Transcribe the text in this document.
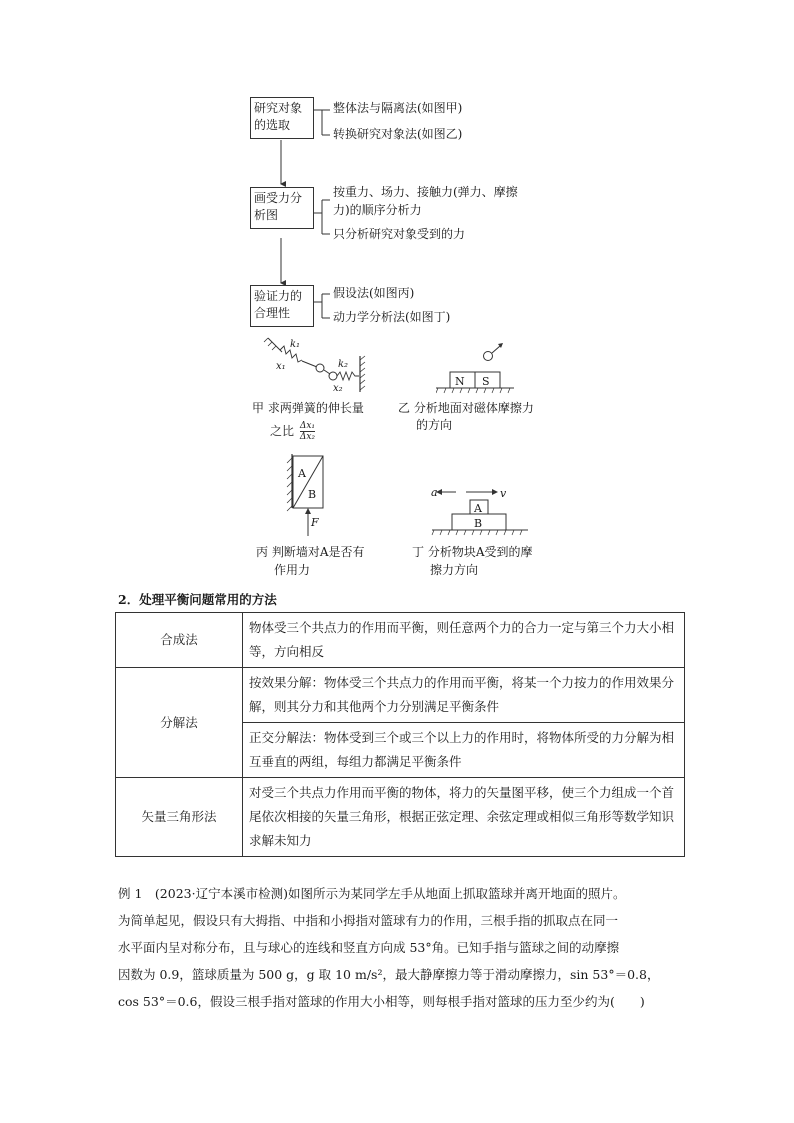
研究对象
的选取
整体法与隔离法(如图甲)
画受力分
析图
按重力、场力、接触力(弹力、摩擦
力)的顺序分析力
验证力的
合理性
假设法(如图丙)
动力学分析法(如图丁)
转换研究对象法(如图乙)
只分析研究对象受到的力
k₁
x₁	k₂
x₂
甲 求两弹簧的伸长量
之比 $\frac{\text{Δx₁}}{\text{Δx₂}}$
N S
乙 分析地面对磁体摩擦力
的方向
A
B
F
丙 判断墙对A是否有
作用力
a	v
A
B
丁 分析物块A受到的摩
擦力方向
2．处理平衡问题常用的方法
合成法	物体受三个共点力的作用而平衡，则任意两个力的合力一定与第三个力大小相等，方向相反
分解法	按效果分解：物体受三个共点力的作用而平衡，将某一个力按力的作用效果分解，则其分力和其他两个力分别满足平衡条件
	正交分解法：物体受到三个或三个以上力的作用时，将物体所受的力分解为相互垂直的两组，每组力都满足平衡条件
矢量三角形法	对受三个共点力作用而平衡的物体，将力的矢量图平移，使三个力组成一个首尾依次相接的矢量三角形，根据正弦定理、余弦定理或相似三角形等数学知识求解未知力
例 1　(2023·辽宁本溪市检测)如图所示为某同学左手从地面上抓取篮球并离开地面的照片。
为简单起见，假设只有大拇指、中指和小拇指对篮球有力的作用，三根手指的抓取点在同一
水平面内呈对称分布，且与球心的连线和竖直方向成 53°角。已知手指与篮球之间的动摩擦
因数为 0.9，篮球质量为 500 g，g 取 10 m/s²，最大静摩擦力等于滑动摩擦力，sin 53°＝0.8，
cos 53°＝0.6，假设三根手指对篮球的作用大小相等，则每根手指对篮球的压力至少约为(　　)
